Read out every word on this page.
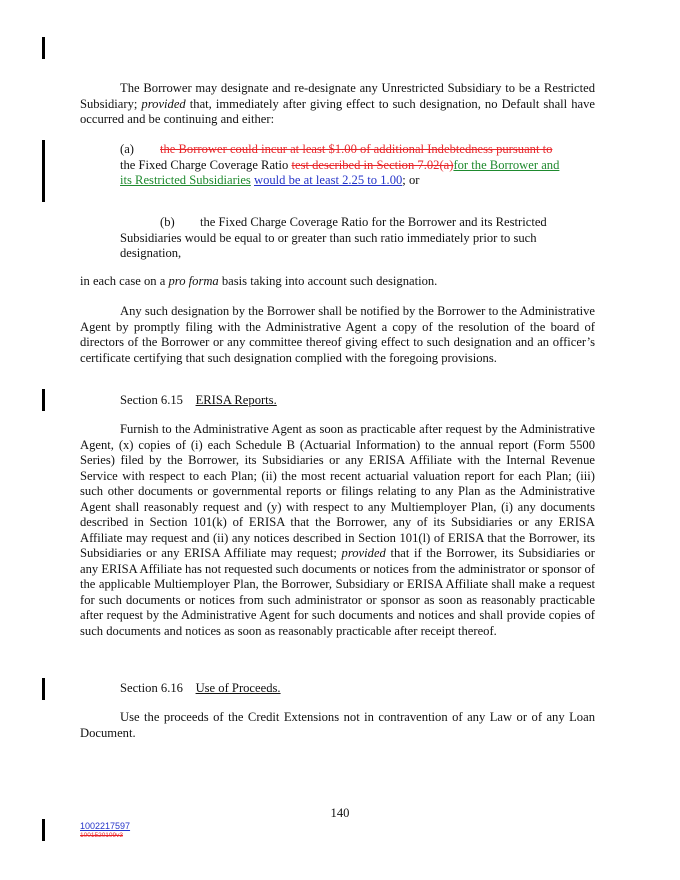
The Borrower may designate and re-designate any Unrestricted Subsidiary to be a Restricted Subsidiary; provided that, immediately after giving effect to such designation, no Default shall have occurred and be continuing and either:

(a) the Borrower could incur at least $1.00 of additional Indebtedness pursuant to the Fixed Charge Coverage Ratio test described in Section 7.02(a)for the Borrower and its Restricted Subsidiaries would be at least 2.25 to 1.00; or

(b) the Fixed Charge Coverage Ratio for the Borrower and its Restricted Subsidiaries would be equal to or greater than such ratio immediately prior to such designation,

in each case on a pro forma basis taking into account such designation.

Any such designation by the Borrower shall be notified by the Borrower to the Administrative Agent by promptly filing with the Administrative Agent a copy of the resolution of the board of directors of the Borrower or any committee thereof giving effect to such designation and an officer’s certificate certifying that such designation complied with the foregoing provisions.

Section 6.15 ERISA Reports.

Furnish to the Administrative Agent as soon as practicable after request by the Administrative Agent, (x) copies of (i) each Schedule B (Actuarial Information) to the annual report (Form 5500 Series) filed by the Borrower, its Subsidiaries or any ERISA Affiliate with the Internal Revenue Service with respect to each Plan; (ii) the most recent actuarial valuation report for each Plan; (iii) such other documents or governmental reports or filings relating to any Plan as the Administrative Agent shall reasonably request and (y) with respect to any Multiemployer Plan, (i) any documents described in Section 101(k) of ERISA that the Borrower, any of its Subsidiaries or any ERISA Affiliate may request and (ii) any notices described in Section 101(l) of ERISA that the Borrower, its Subsidiaries or any ERISA Affiliate may request; provided that if the Borrower, its Subsidiaries or any ERISA Affiliate has not requested such documents or notices from the administrator or sponsor of the applicable Multiemployer Plan, the Borrower, Subsidiary or ERISA Affiliate shall make a request for such documents or notices from such administrator or sponsor as soon as reasonably practicable after request by the Administrative Agent for such documents and notices and shall provide copies of such documents and notices as soon as reasonably practicable after receipt thereof.

Section 6.16 Use of Proceeds.

Use the proceeds of the Credit Extensions not in contravention of any Law or of any Loan Document.

140

1002217597

1001520109v3
